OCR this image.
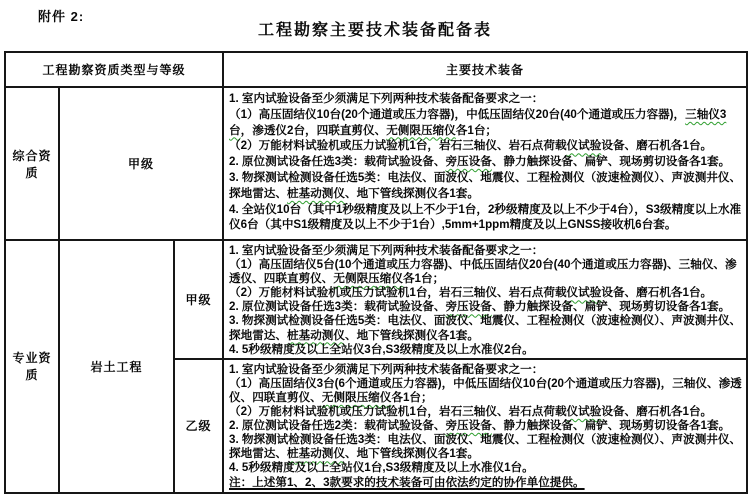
附件 2:
工程勘察主要技术装备配备表
工程勘察资质类型与等级			主要技术装备
综合资质	甲级	
1. 室内试验设备至少须满足下列两种技术装备配备要求之一：
（1）高压固结仪10台(20个通道或压力容器)，中低压固结仪20台(40个通道或压力容器)，三轴仪3台，渗透仪2台，四联直剪仪、无侧限压缩仪各1台；
（2）万能材料试验机或压力试验机1台，岩石三轴仪、岩石点荷载仪试验设备、磨石机各1台。
2. 原位测试设备任选3类：载荷试验设备、旁压设备、静力触探设备、扁铲、现场剪切设备各1套。
3. 物探测试检测设备任选5类：电法仪、面波仪、地震仪、工程检测仪（波速检测仪）、声波测井仪、探地雷达、桩基动测仪、地下管线探测仪各1套。
4. 全站仪10台（其中1秒级精度及以上不少于1台，2秒级精度及以上不少于4台），S3级精度以上水准仪6台（其中S1级精度及以上不少于1台）,5mm+1ppm精度及以上GNSS接收机6台套。

专业资质	岩土工程	甲级	
1. 室内试验设备至少须满足下列两种技术装备配备要求之一：
（1）高压固结仪5台(10个通道或压力容器)、中低压固结仪20台(40个通道或压力容器)、三轴仪、渗透仪、四联直剪仪、无侧限压缩仪各1台；
（2）万能材料试验机或压力试验机1台，岩石三轴仪、岩石点荷载仪试验设备、磨石机各1台。
2. 原位测试设备任选3类：载荷试验设备、旁压设备、静力触探设备、扁铲、现场剪切设备各1套。
3. 物探测试检测设备任选5类：电法仪、面波仪、地震仪、工程检测仪（波速检测仪）、声波测井仪、探地雷达、桩基动测仪、地下管线探测仪各1套。
4. 5秒级精度及以上全站仪3台,S3级精度及以上水准仪2台。

乙级	
1. 室内试验设备至少须满足下列两种技术装备配备要求之一：
（1）高压固结仪3台(6个通道或压力容器)，中低压固结仪10台(20个通道或压力容器)，三轴仪、渗透仪、四联直剪仪、无侧限压缩仪各1台；
（2）万能材料试验机或压力试验机1台，岩石三轴仪、岩石点荷载仪试验设备、磨石机各1台。
2. 原位测试设备任选2类：载荷试验设备、旁压设备、静力触探设备、扁铲、现场剪切设备各1套。
3. 物探测试检测设备任选3类：电法仪、面波仪、地震仪、工程检测仪（波速检测仪）、声波测井仪、探地雷达、桩基动测仪、地下管线探测仪各1套。
4. 5秒级精度及以上全站仪1台,S3级精度及以上水准仪1台。
注：上述第1、2、3款要求的技术装备可由依法约定的协作单位提供。
